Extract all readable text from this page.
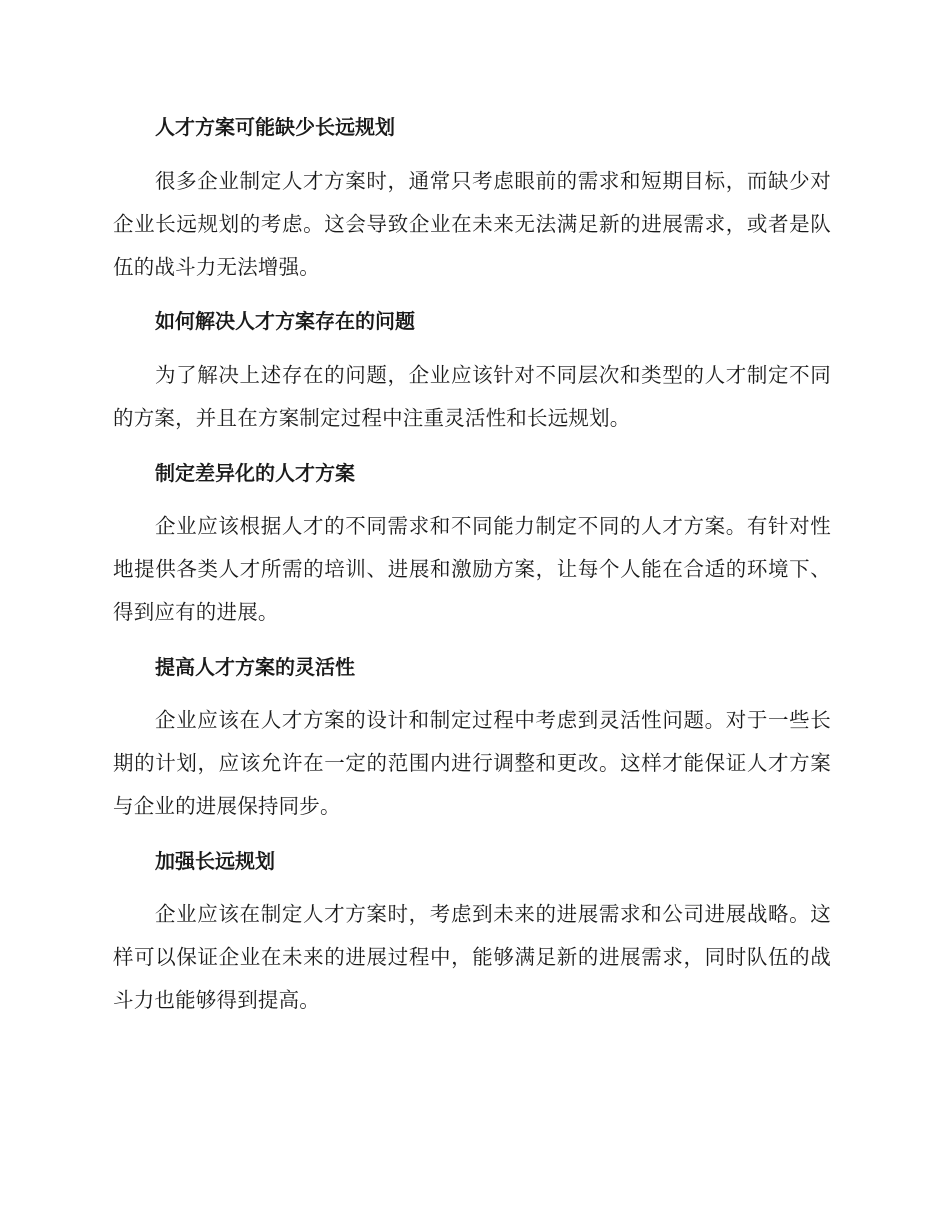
人才方案可能缺少长远规划

很多企业制定人才方案时，通常只考虑眼前的需求和短期目标，而缺少对企业长远规划的考虑。这会导致企业在未来无法满足新的进展需求，或者是队伍的战斗力无法增强。

如何解决人才方案存在的问题

为了解决上述存在的问题，企业应该针对不同层次和类型的人才制定不同的方案，并且在方案制定过程中注重灵活性和长远规划。

制定差异化的人才方案

企业应该根据人才的不同需求和不同能力制定不同的人才方案。有针对性地提供各类人才所需的培训、进展和激励方案，让每个人能在合适的环境下、得到应有的进展。

提高人才方案的灵活性

企业应该在人才方案的设计和制定过程中考虑到灵活性问题。对于一些长期的计划，应该允许在一定的范围内进行调整和更改。这样才能保证人才方案与企业的进展保持同步。

加强长远规划

企业应该在制定人才方案时，考虑到未来的进展需求和公司进展战略。这样可以保证企业在未来的进展过程中，能够满足新的进展需求，同时队伍的战斗力也能够得到提高。
